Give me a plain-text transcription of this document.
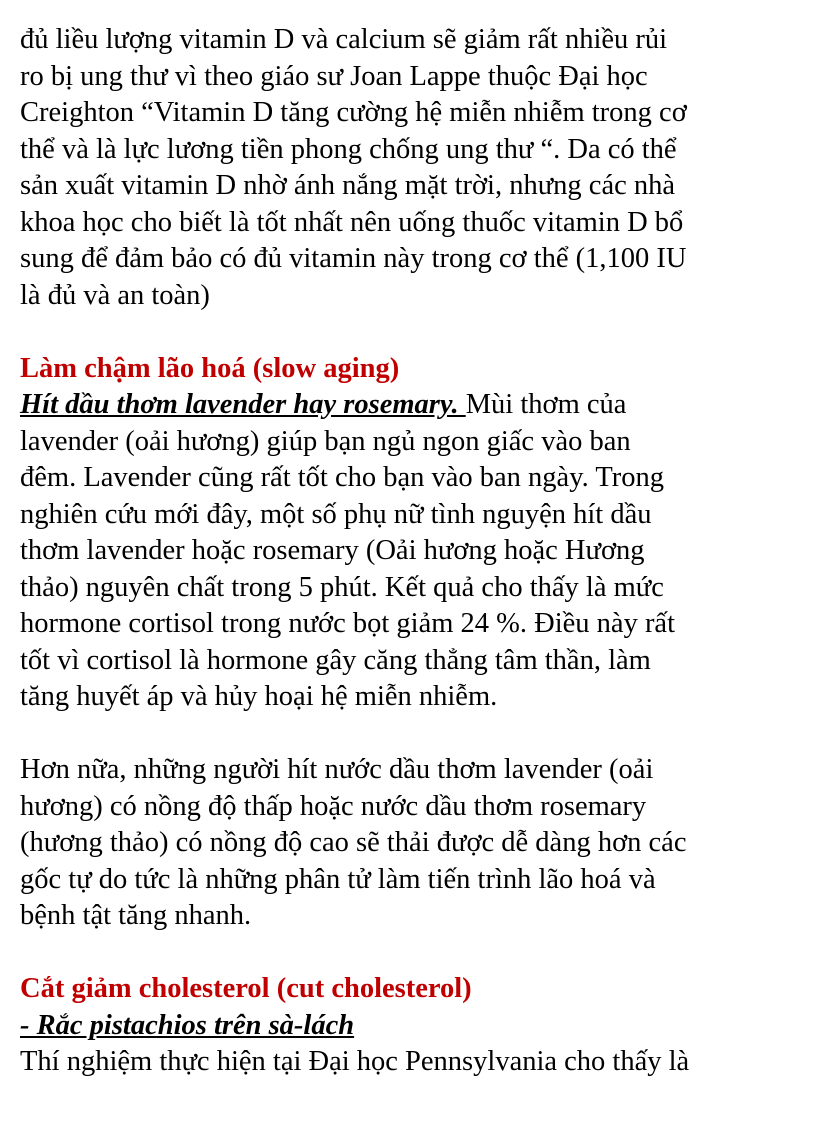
đủ liều lượng vitamin D và calcium sẽ giảm rất nhiều rủi
ro bị ung thư vì theo giáo sư Joan Lappe thuộc Đại học
Creighton “Vitamin D tăng cường hệ miễn nhiễm trong cơ
thể và là lực lương tiền phong chống ung thư “. Da có thể
sản xuất vitamin D nhờ ánh nắng mặt trời, nhưng các nhà
khoa học cho biết là tốt nhất nên uống thuốc vitamin D bổ
sung để đảm bảo có đủ vitamin này trong cơ thể (1,100 IU
là đủ và an toàn)
Làm chậm lão hoá (slow aging)
Hít dầu thơm lavender hay rosemary. Mùi thơm của
lavender (oải hương) giúp bạn ngủ ngon giấc vào ban
đêm. Lavender cũng rất tốt cho bạn vào ban ngày. Trong
nghiên cứu mới đây, một số phụ nữ tình nguyện hít dầu
thơm lavender hoặc rosemary (Oải hương hoặc Hương
thảo) nguyên chất trong 5 phút. Kết quả cho thấy là mức
hormone cortisol trong nước bọt giảm 24 %. Điều này rất
tốt vì cortisol là hormone gây căng thẳng tâm thần, làm
tăng huyết áp và hủy hoại hệ miễn nhiễm.
Hơn nữa, những người hít nước dầu thơm lavender (oải
hương) có nồng độ thấp hoặc nước dầu thơm rosemary
(hương thảo) có nồng độ cao sẽ thải được dễ dàng hơn các
gốc tự do tức là những phân tử làm tiến trình lão hoá và
bệnh tật tăng nhanh.
Cắt giảm cholesterol (cut cholesterol)
- Rắc pistachios trên sà-lách
Thí nghiệm thực hiện tại Đại học Pennsylvania cho thấy là
